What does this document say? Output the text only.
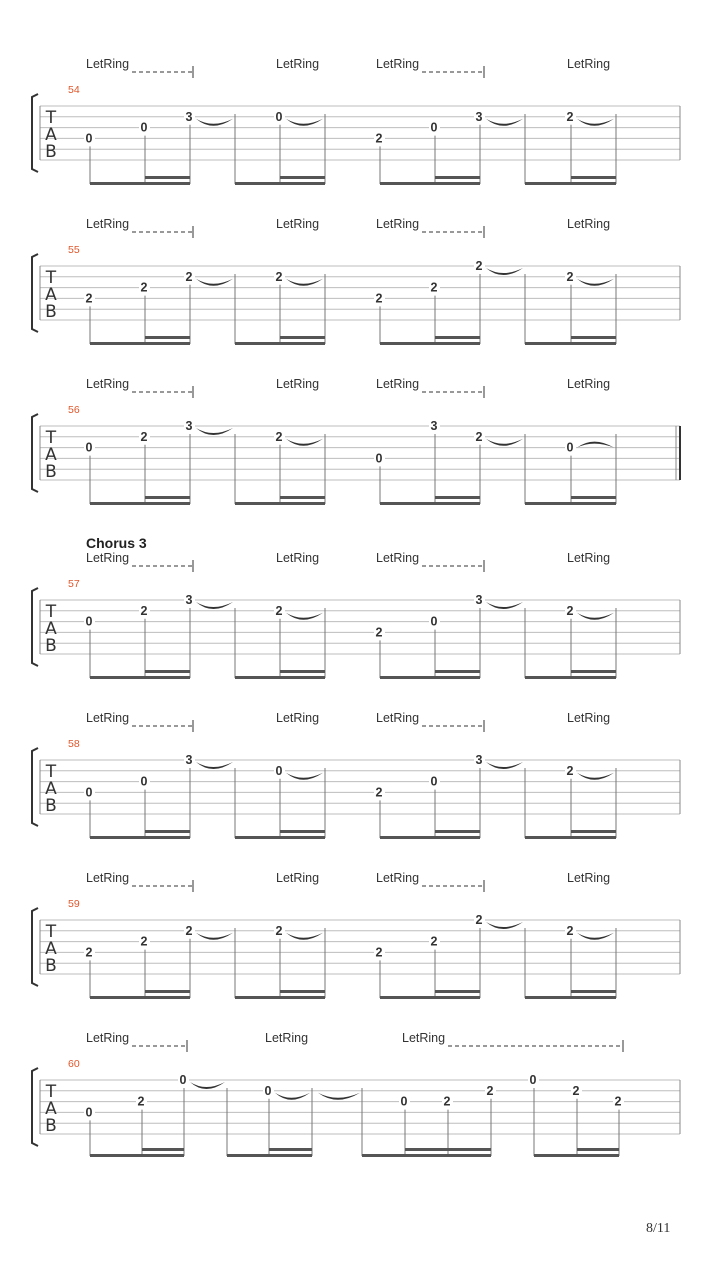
54
T
A
B
LetRing	LetRing	LetRing	LetRing
0
0
3	0
2
0
3	2
55
T
A
B
LetRing	LetRing	LetRing	LetRing
2
2
2	2
2
2
2
2
56
T
A
B
LetRing	LetRing	LetRing	LetRing
0
2
3
2
0
3
2
0
Chorus 3
57
T
A
B
LetRing	LetRing	LetRing	LetRing
0
2
3
2
2
0
3
2
58
T
A
B
LetRing	LetRing	LetRing	LetRing
0
0
3
0
2
0
3
2
59
T
A
B
LetRing	LetRing	LetRing	LetRing
2
2
2	2
2
2
2
2
60
T
A
B
LetRing	LetRing	LetRing
0
2
0
0
0	2
2
0
2
2
8/11
